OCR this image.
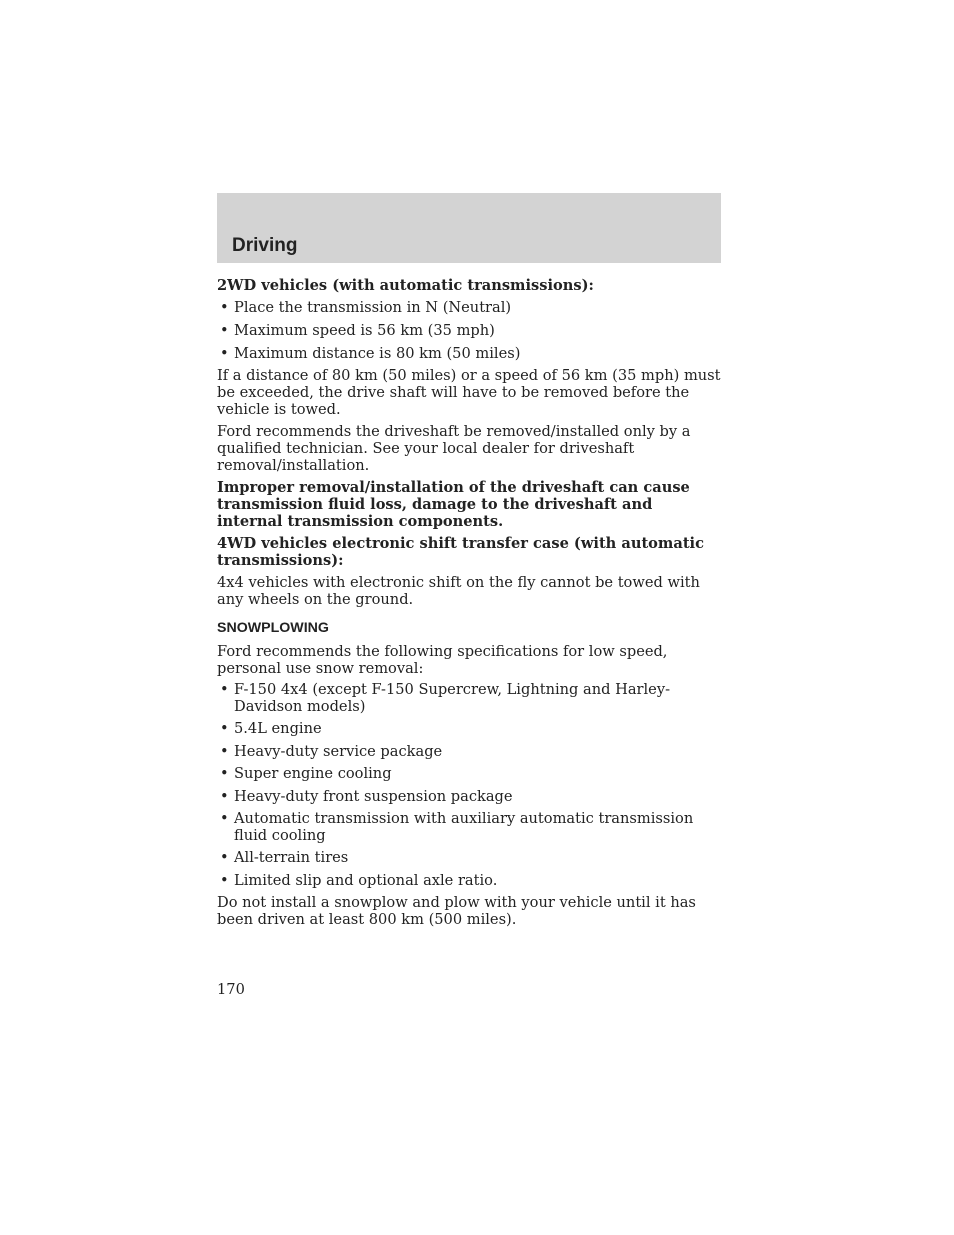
Driving

2WD vehicles (with automatic transmissions):

• Place the transmission in N (Neutral)
• Maximum speed is 56 km (35 mph)
• Maximum distance is 80 km (50 miles)

If a distance of 80 km (50 miles) or a speed of 56 km (35 mph) must be exceeded, the drive shaft will have to be removed before the vehicle is towed.

Ford recommends the driveshaft be removed/installed only by a qualified technician. See your local dealer for driveshaft removal/installation.

Improper removal/installation of the driveshaft can cause transmission fluid loss, damage to the driveshaft and internal transmission components.

4WD vehicles electronic shift transfer case (with automatic transmissions):

4x4 vehicles with electronic shift on the fly cannot be towed with any wheels on the ground.

SNOWPLOWING

Ford recommends the following specifications for low speed, personal use snow removal:

• F-150 4x4 (except F-150 Supercrew, Lightning and Harley-Davidson models)
• 5.4L engine
• Heavy-duty service package
• Super engine cooling
• Heavy-duty front suspension package
• Automatic transmission with auxiliary automatic transmission fluid cooling
• All-terrain tires
• Limited slip and optional axle ratio.

Do not install a snowplow and plow with your vehicle until it has been driven at least 800 km (500 miles).

170
